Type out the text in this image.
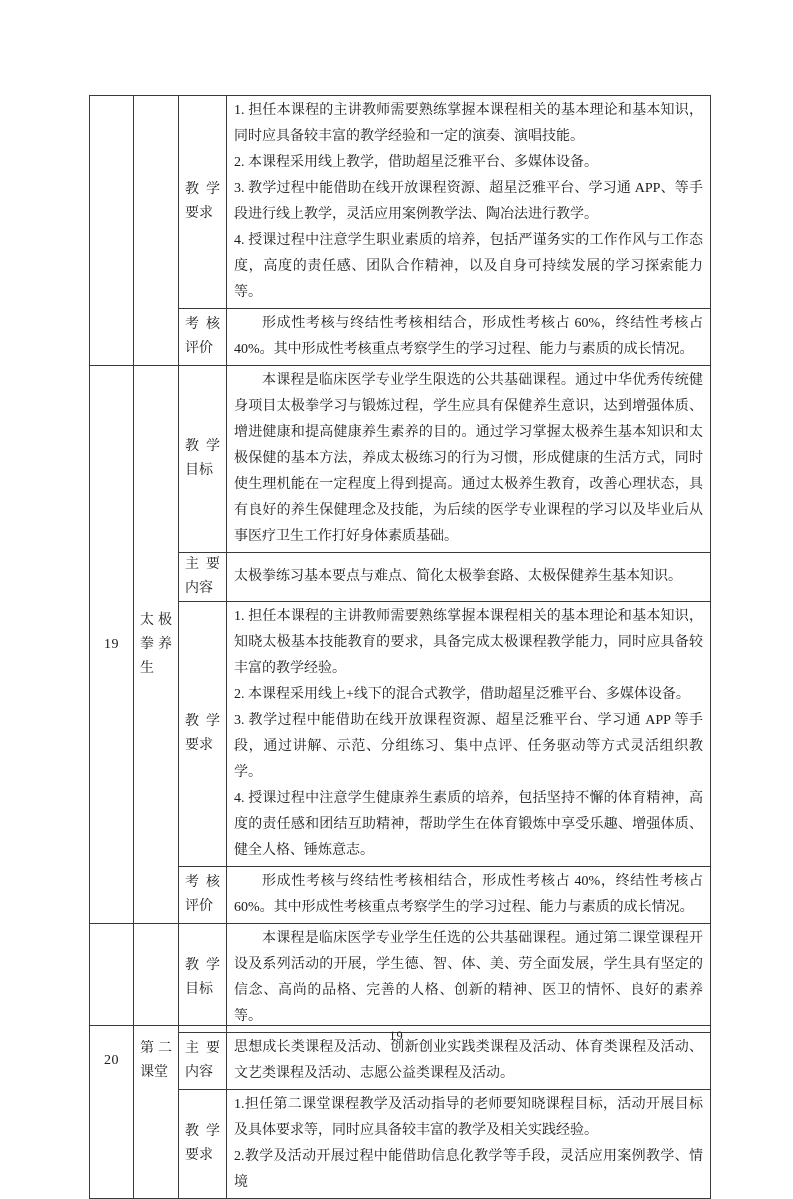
		教学要求	1. 担任本课程的主讲教师需要熟练掌握本课程相关的基本理论和基本知识，同时应具备较丰富的教学经验和一定的演奏、演唱技能。

2. 本课程采用线上教学，借助超星泛雅平台、多媒体设备。

3. 教学过程中能借助在线开放课程资源、超星泛雅平台、学习通 APP、等手段进行线上教学，灵活应用案例教学法、陶冶法进行教学。

4. 授课过程中注意学生职业素质的培养，包括严谨务实的工作作风与工作态度，高度的责任感、团队合作精神，以及自身可持续发展的学习探索能力等。

		考核评价	形成性考核与终结性考核相结合，形成性考核占 60%，终结性考核占 40%。其中形成性考核重点考察学生的学习过程、能力与素质的成长情况。

19	太极拳养生	教学目标	本课程是临床医学专业学生限选的公共基础课程。通过中华优秀传统健身项目太极拳学习与锻炼过程，学生应具有保健养生意识，达到增强体质、增进健康和提高健康养生素养的目的。通过学习掌握太极养生基本知识和太极保健的基本方法，养成太极练习的行为习惯，形成健康的生活方式，同时使生理机能在一定程度上得到提高。通过太极养生教育，改善心理状态，具有良好的养生保健理念及技能，为后续的医学专业课程的学习以及毕业后从事医疗卫生工作打好身体素质基础。

		主要内容	太极拳练习基本要点与难点、简化太极拳套路、太极保健养生基本知识。

		教学要求	1. 担任本课程的主讲教师需要熟练掌握本课程相关的基本理论和基本知识，知晓太极基本技能教育的要求，具备完成太极课程教学能力，同时应具备较丰富的教学经验。

2. 本课程采用线上+线下的混合式教学，借助超星泛雅平台、多媒体设备。

3. 教学过程中能借助在线开放课程资源、超星泛雅平台、学习通 APP 等手段，通过讲解、示范、分组练习、集中点评、任务驱动等方式灵活组织教学。

4. 授课过程中注意学生健康养生素质的培养，包括坚持不懈的体育精神，高度的责任感和团结互助精神，帮助学生在体育锻炼中享受乐趣、增强体质、健全人格、锤炼意志。

		考核评价	形成性考核与终结性考核相结合，形成性考核占 40%，终结性考核占 60%。其中形成性考核重点考察学生的学习过程、能力与素质的成长情况。

20	第二课堂	教学目标	本课程是临床医学专业学生任选的公共基础课程。通过第二课堂课程开设及系列活动的开展，学生德、智、体、美、劳全面发展，学生具有坚定的信念、高尚的品格、完善的人格、创新的精神、医卫的情怀、良好的素养等。

		主要内容	思想成长类课程及活动、创新创业实践类课程及活动、体育类课程及活动、文艺类课程及活动、志愿公益类课程及活动。

		教学要求	1.担任第二课堂课程教学及活动指导的老师要知晓课程目标，活动开展目标及具体要求等，同时应具备较丰富的教学及相关实践经验。

2.教学及活动开展过程中能借助信息化教学等手段，灵活应用案例教学、情境

19
